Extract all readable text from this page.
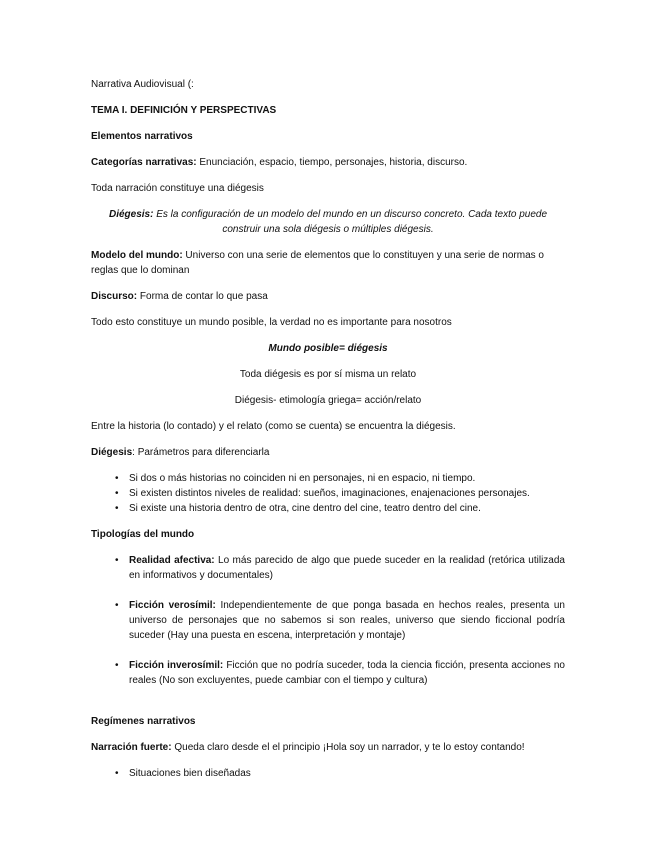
Narrativa Audiovisual (:

TEMA I. DEFINICIÓN Y PERSPECTIVAS

Elementos narrativos

Categorías narrativas: Enunciación, espacio, tiempo, personajes, historia, discurso.

Toda narración constituye una diégesis

Diégesis: Es la configuración de un modelo del mundo en un discurso concreto. Cada texto puede construir una sola diégesis o múltiples diégesis.

Modelo del mundo: Universo con una serie de elementos que lo constituyen y una serie de normas o reglas que lo dominan

Discurso: Forma de contar lo que pasa

Todo esto constituye un mundo posible, la verdad no es importante para nosotros

Mundo posible= diégesis

Toda diégesis es por sí misma un relato

Diégesis- etimología griega= acción/relato

Entre la historia (lo contado) y el relato (como se cuenta) se encuentra la diégesis.

Diégesis: Parámetros para diferenciarla

• Si dos o más historias no coinciden ni en personajes, ni en espacio, ni tiempo.
• Si existen distintos niveles de realidad: sueños, imaginaciones, enajenaciones personajes.
• Si existe una historia dentro de otra, cine dentro del cine, teatro dentro del cine.

Tipologías del mundo

• Realidad afectiva: Lo más parecido de algo que puede suceder en la realidad (retórica utilizada en informativos y documentales)
• Ficción verosímil: Independientemente de que ponga basada en hechos reales, presenta un universo de personajes que no sabemos si son reales, universo que siendo ficcional podría suceder (Hay una puesta en escena, interpretación y montaje)
• Ficción inverosímil: Ficción que no podría suceder, toda la ciencia ficción, presenta acciones no reales (No son excluyentes, puede cambiar con el tiempo y cultura)

Regímenes narrativos

Narración fuerte: Queda claro desde el el principio ¡Hola soy un narrador, y te lo estoy contando!

• Situaciones bien diseñadas
